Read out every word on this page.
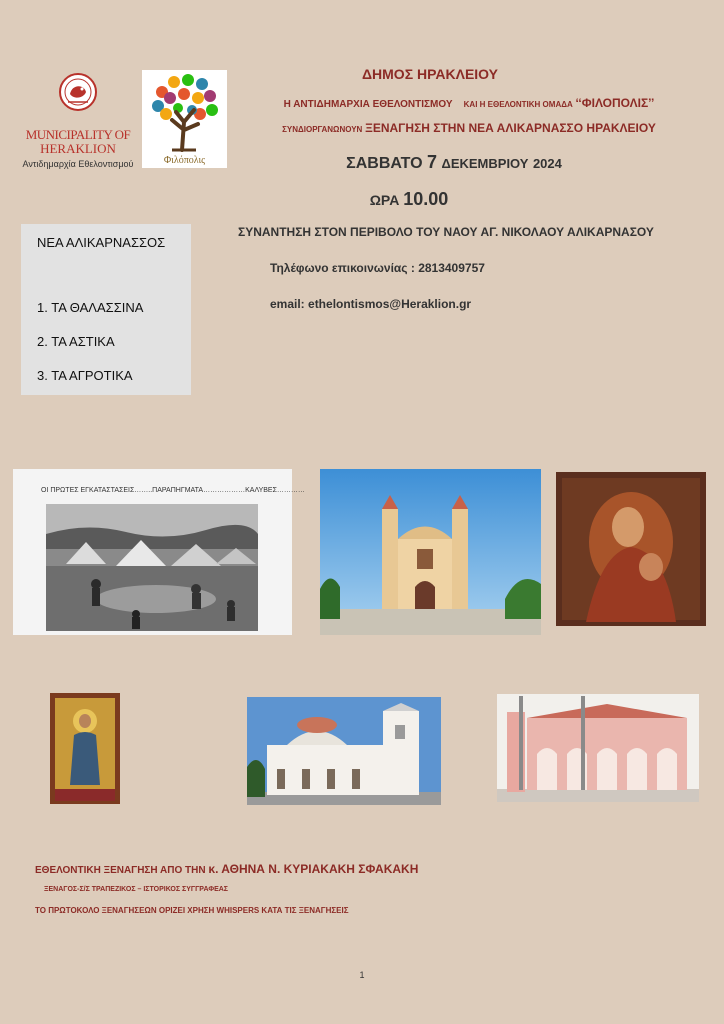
MUNICIPALITY OF
HERAKLION
Αντιδημαρχία Εθελοντισμού	Φιλόπολις
ΔΗΜΟΣ ΗΡΑΚΛΕΙΟΥ
Η ΑΝΤΙΔΗΜΑΡΧΙΑ ΕΘΕΛΟΝΤΙΣΜΟΥ ΚΑΙ Η ΕΘΕΛΟΝΤΙΚΗ ΟΜΑΔΑ ‘‘ΦΙΛΟΠΟΛΙΣ’’
ΣΥΝΔΙΟΡΓΑΝΩΝΟΥΝ ΞΕΝΑΓΗΣΗ ΣΤΗΝ ΝΕΑ ΑΛΙΚΑΡΝΑΣΣΟ ΗΡΑΚΛΕΙΟΥ
ΣΑΒΒΑΤΟ 7 ΔΕΚΕΜΒΡΙΟΥ 2024
ΩΡΑ 10.00
ΣΥΝΑΝΤΗΣΗ ΣΤΟΝ ΠΕΡΙΒΟΛΟ ΤΟΥ ΝΑΟΥ ΑΓ. ΝΙΚΟΛΑΟΥ ΑΛΙΚΑΡΝΑΣΟΥ
Τηλέφωνο επικοινωνίας : 2813409757
email: ethelontismos@Heraklion.gr
ΝΕΑ ΑΛΙΚΑΡΝΑΣΣΟΣ
1. ΤΑ ΘΑΛΑΣΣΙΝΑ
2. ΤΑ ΑΣΤΙΚΑ
3. ΤΑ ΑΓΡΟΤΙΚΑ
ΟΙ ΠΡΩΤΕΣ ΕΓΚΑΤΑΣΤΑΣΕΙΣ……..ΠΑΡΑΠΗΓΜΑΤΑ………………ΚΑΛΥΒΕΣ…………
ΕΘΕΛΟΝΤΙΚΗ ΞΕΝΑΓΗΣΗ ΑΠΟ ΤΗΝ κ. ΑΘΗΝΑ Ν. ΚΥΡΙΑΚΑΚΗ ΣΦΑΚΑΚΗ
ΞΕΝΑΓΟΣ-Σ/Σ ΤΡΑΠΕΖΙΚΟΣ – ΙΣΤΟΡΙΚΟΣ ΣΥΓΓΡΑΦΕΑΣ
ΤΟ ΠΡΩΤΟΚΟΛΟ ΞΕΝΑΓΗΣΕΩΝ ΟΡΙΖΕΙ ΧΡΗΣΗ WHISPERS ΚΑΤΑ ΤΙΣ ΞΕΝΑΓΗΣΕΙΣ
1
